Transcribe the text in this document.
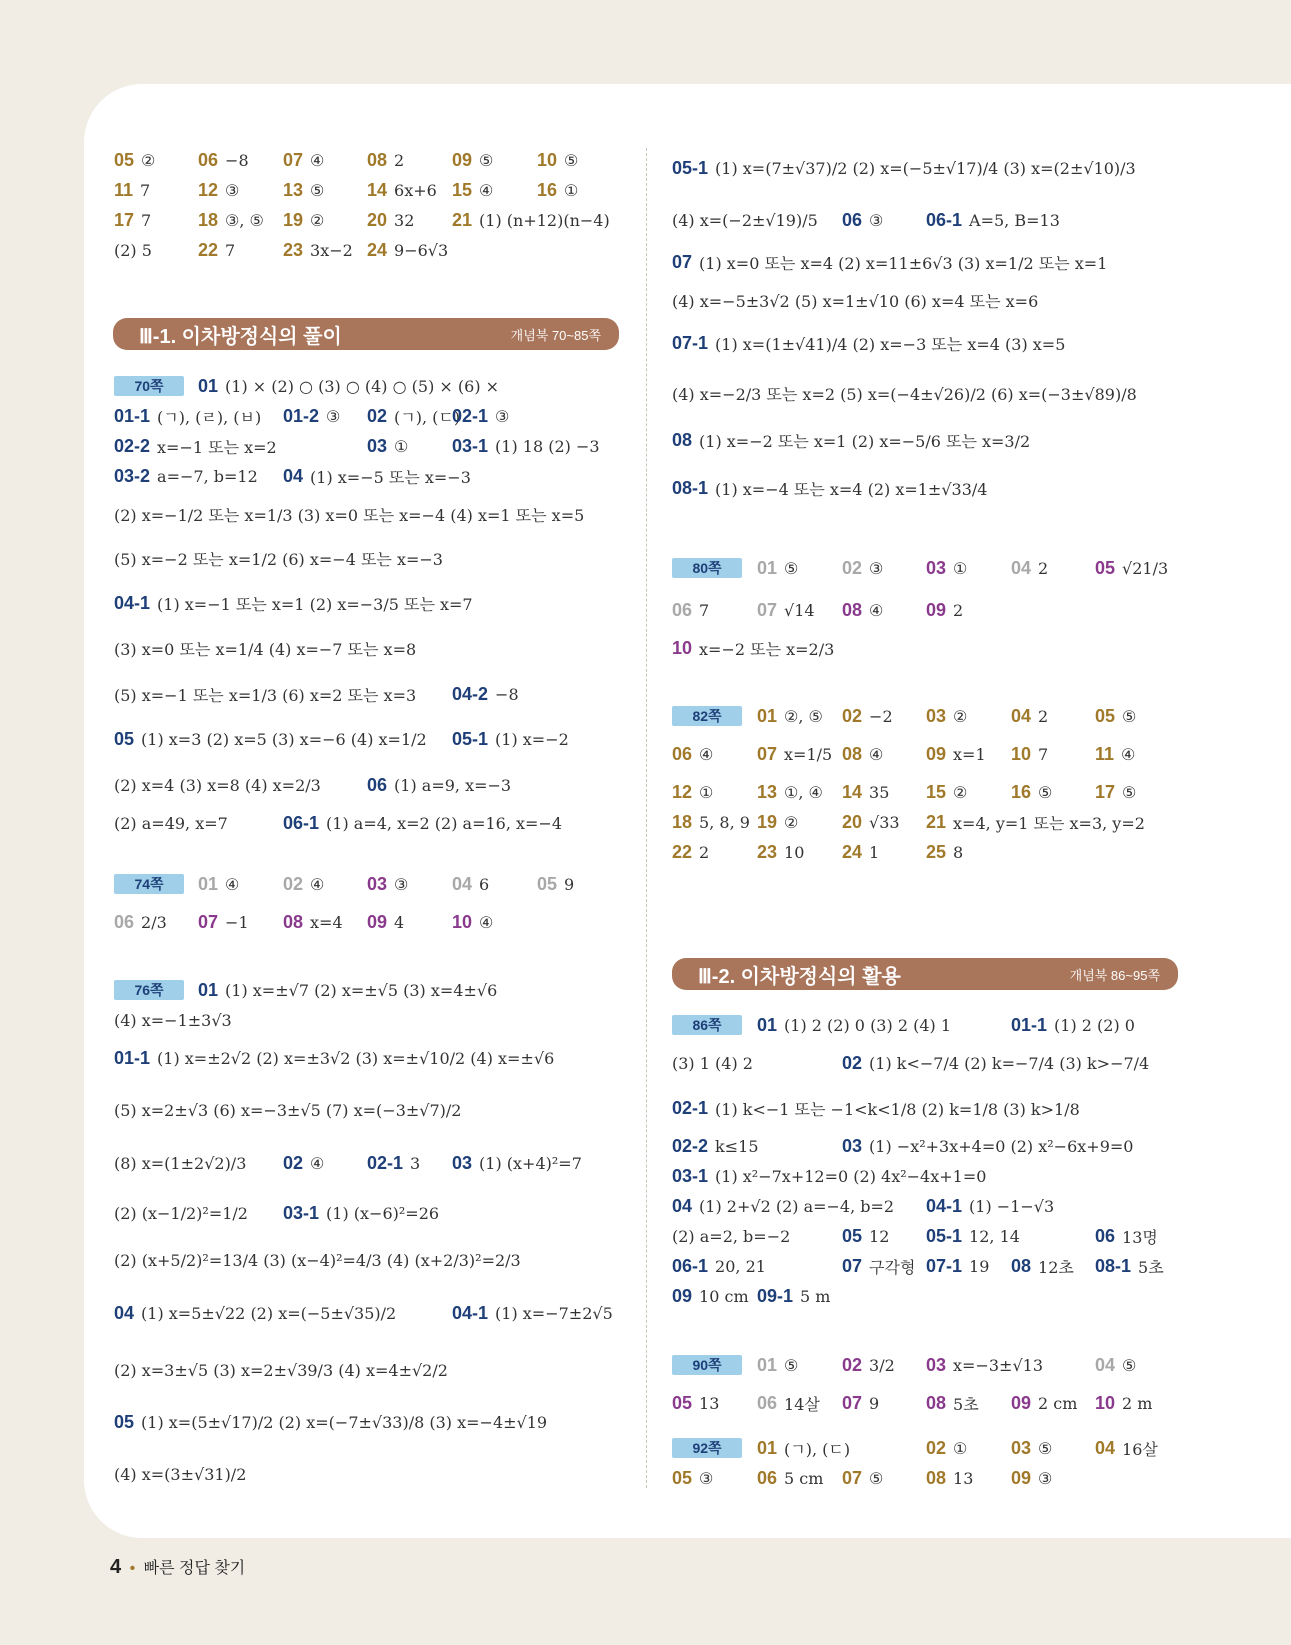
Ⅲ-1. 이차방정식의 풀이	개념북 70~85쪽
Ⅲ-2. 이차방정식의 활용	개념북 86~95쪽
05 ② 06 −8 07 ④ 08 2	09 ⑤ 10 ⑤
11 7	12 ③ 13 ⑤ 14 6x+6 15 ④ 16 ①
17 7	18 ③, ⑤ 19 ② 20 32 21 (1) (n+12)(n−4)
(2) 5	22 7	23 3x−2 24 9−6√3
70쪽	01 (1) × (2) ○ (3) ○ (4) ○ (5) × (6) ×
01-1 (ㄱ), (ㄹ), (ㅂ) 01-2 ③ 02 (ㄱ), (ㄷ)
02-1 ③
02-2 x=−1 또는 x=2	03 ① 03-1 (1) 18 (2) −3
03-2 a=−7, b=12 04 (1) x=−5 또는 x=−3
(2) x=−1/2 또는 x=1/3 (3) x=0 또는 x=−4 (4) x=1 또는 x=5
(5) x=−2 또는 x=1/2 (6) x=−4 또는 x=−3
04-1 (1) x=−1 또는 x=1 (2) x=−3/5 또는 x=7
(3) x=0 또는 x=1/4 (4) x=−7 또는 x=8
(5) x=−1 또는 x=1/3 (6) x=2 또는 x=3 04-2 −8
05 (1) x=3 (2) x=5 (3) x=−6 (4) x=1/2 05-1 (1) x=−2
(2) x=4 (3) x=8 (4) x=2/3	06 (1) a=9, x=−3
(2) a=49, x=7	06-1 (1) a=4, x=2 (2) a=16, x=−4
74쪽	01 ④ 02 ④ 03 ③ 04 6	05 9
06 2/3 07 −1 08 x=4 09 4	10 ④
76쪽	01 (1) x=±√7 (2) x=±√5 (3) x=4±√6
(4) x=−1±3√3
01-1 (1) x=±2√2 (2) x=±3√2 (3) x=±√10/2 (4) x=±√6
(5) x=2±√3 (6) x=−3±√5 (7) x=(−3±√7)/2
(8) x=(1±2√2)/3 02 ④ 02-1 3 03 (1) (x+4)²=7
(2) (x−1/2)²=1/2 03-1 (1) (x−6)²=26
(2) (x+5/2)²=13/4 (3) (x−4)²=4/3 (4) (x+2/3)²=2/3
04 (1) x=5±√22 (2) x=(−5±√35)/2	04-1 (1) x=−7±2√5
(2) x=3±√5 (3) x=2±√39/3 (4) x=4±√2/2
05 (1) x=(5±√17)/2 (2) x=(−7±√33)/8 (3) x=−4±√19
(4) x=(3±√31)/2
05-1 (1) x=(7±√37)/2 (2) x=(−5±√17)/4 (3) x=(2±√10)/3
(4) x=(−2±√19)/5 06 ③ 06-1 A=5, B=13
07 (1) x=0 또는 x=4 (2) x=11±6√3 (3) x=1/2 또는 x=1
(4) x=−5±3√2 (5) x=1±√10 (6) x=4 또는 x=6
07-1 (1) x=(1±√41)/4 (2) x=−3 또는 x=4 (3) x=5
(4) x=−2/3 또는 x=2 (5) x=(−4±√26)/2 (6) x=(−3±√89)/8
08 (1) x=−2 또는 x=1 (2) x=−5/6 또는 x=3/2
08-1 (1) x=−4 또는 x=4 (2) x=1±√33/4
80쪽	01 ⑤ 02 ③ 03 ① 04 2	05 √21/3
06 7	07 √14 08 ④ 09 2
10 x=−2 또는 x=2/3
82쪽	01 ②, ⑤ 02 −2 03 ② 04 2	05 ⑤
06 ④ 07 x=1/5 08 ④ 09 x=1 10 7	11 ④
12 ① 13 ①, ④ 14 35 15 ② 16 ⑤ 17 ⑤
18 5, 8, 9 19 ② 20 √33 21 x=4, y=1 또는 x=3, y=2
22 2	23 10 24 1	25 8
86쪽	01 (1) 2 (2) 0 (3) 2 (4) 1	01-1 (1) 2 (2) 0
(3) 1 (4) 2	02 (1) k<−7/4 (2) k=−7/4 (3) k>−7/4
02-1 (1) k<−1 또는 −1<k<1/8 (2) k=1/8 (3) k>1/8
02-2 k≤15	03 (1) −x²+3x+4=0 (2) x²−6x+9=0
03-1 (1) x²−7x+12=0 (2) 4x²−4x+1=0
04 (1) 2+√2 (2) a=−4, b=2 04-1 (1) −1−√3
(2) a=2, b=−2	05 12 05-1 12, 14	06 13명
06-1 20, 21	07 구각형 07-1 19 08 12초 08-1 5초
09 10 cm 09-1 5 m
90쪽	01 ⑤ 02 3/2 03 x=−3±√13	04 ⑤
05 13 06 14살 07 9	08 5초 09 2 cm 10 2 m
92쪽	01 (ㄱ), (ㄷ)	02 ① 03 ⑤ 04 16살
05 ③ 06 5 cm 07 ⑤ 08 13 09 ③
4 • 빠른 정답 찾기
